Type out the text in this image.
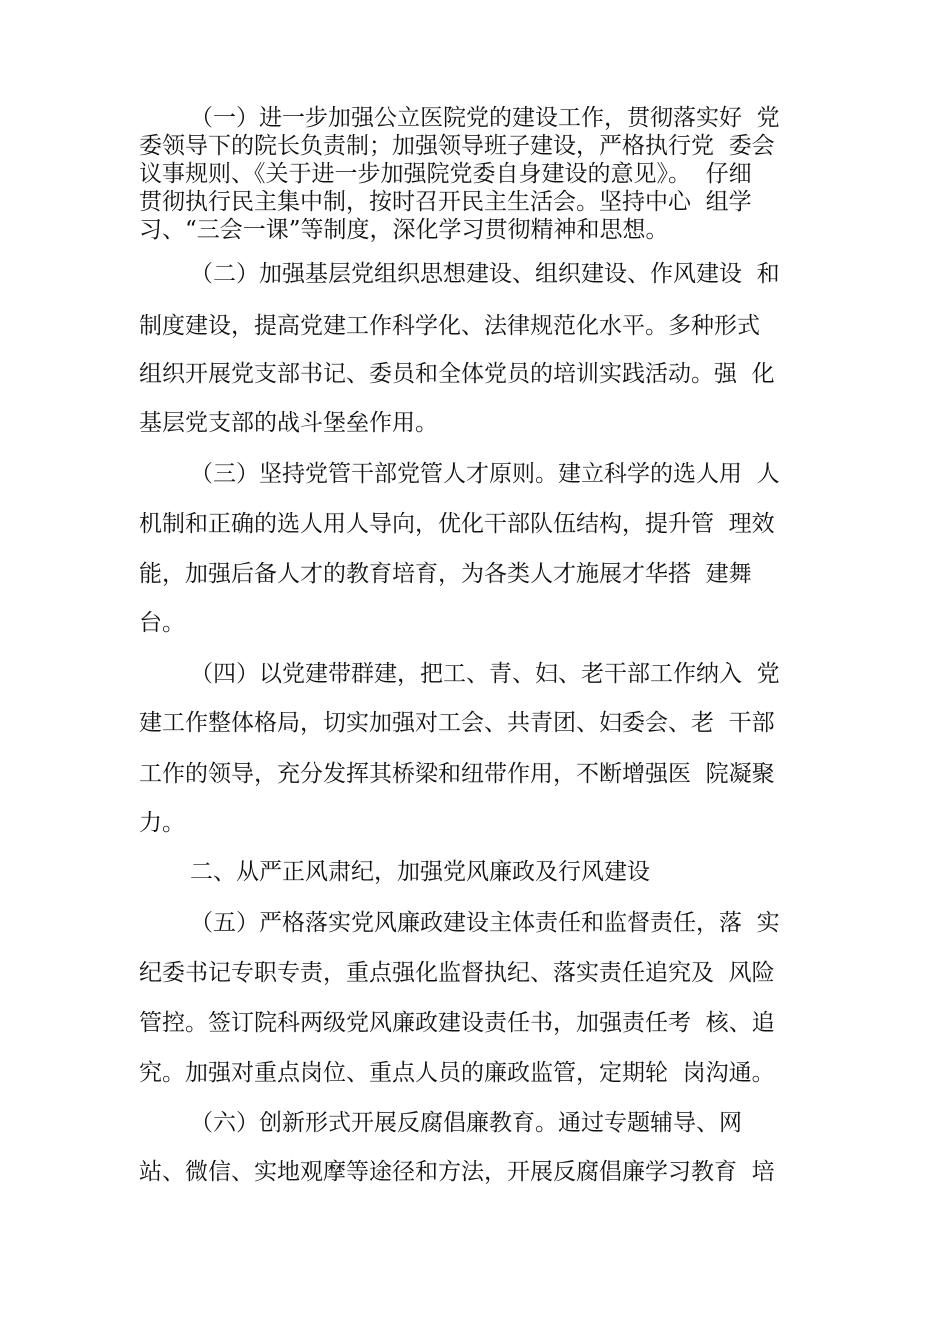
（一）进一步加强公立医院党的建设工作，贯彻落实好  党
委领导下的院长负责制；加强领导班子建设，严格执行党  委会
议事规则、《关于进一步加强院党委自身建设的意见》。  仔细
贯彻执行民主集中制，按时召开民主生活会。坚持中心  组学
习、“三会一课”等制度，深化学习贯彻精神和思想。
（二）加强基层党组织思想建设、组织建设、作风建设  和
制度建设，提高党建工作科学化、法律规范化水平。多种形式
组织开展党支部书记、委员和全体党员的培训实践活动。强  化
基层党支部的战斗堡垒作用。
（三）坚持党管干部党管人才原则。建立科学的选人用  人
机制和正确的选人用人导向，优化干部队伍结构，提升管  理效
能，加强后备人才的教育培育，为各类人才施展才华搭  建舞
台。
（四）以党建带群建，把工、青、妇、老干部工作纳入  党
建工作整体格局，切实加强对工会、共青团、妇委会、老  干部
工作的领导，充分发挥其桥梁和纽带作用，不断增强医  院凝聚
力。
二、从严正风肃纪，加强党风廉政及行风建设
（五）严格落实党风廉政建设主体责任和监督责任，落  实
纪委书记专职专责，重点强化监督执纪、落实责任追究及  风险
管控。签订院科两级党风廉政建设责任书，加强责任考  核、追
究。加强对重点岗位、重点人员的廉政监管，定期轮  岗沟通。
（六）创新形式开展反腐倡廉教育。通过专题辅导、网
站、微信、实地观摩等途径和方法，开展反腐倡廉学习教育  培
